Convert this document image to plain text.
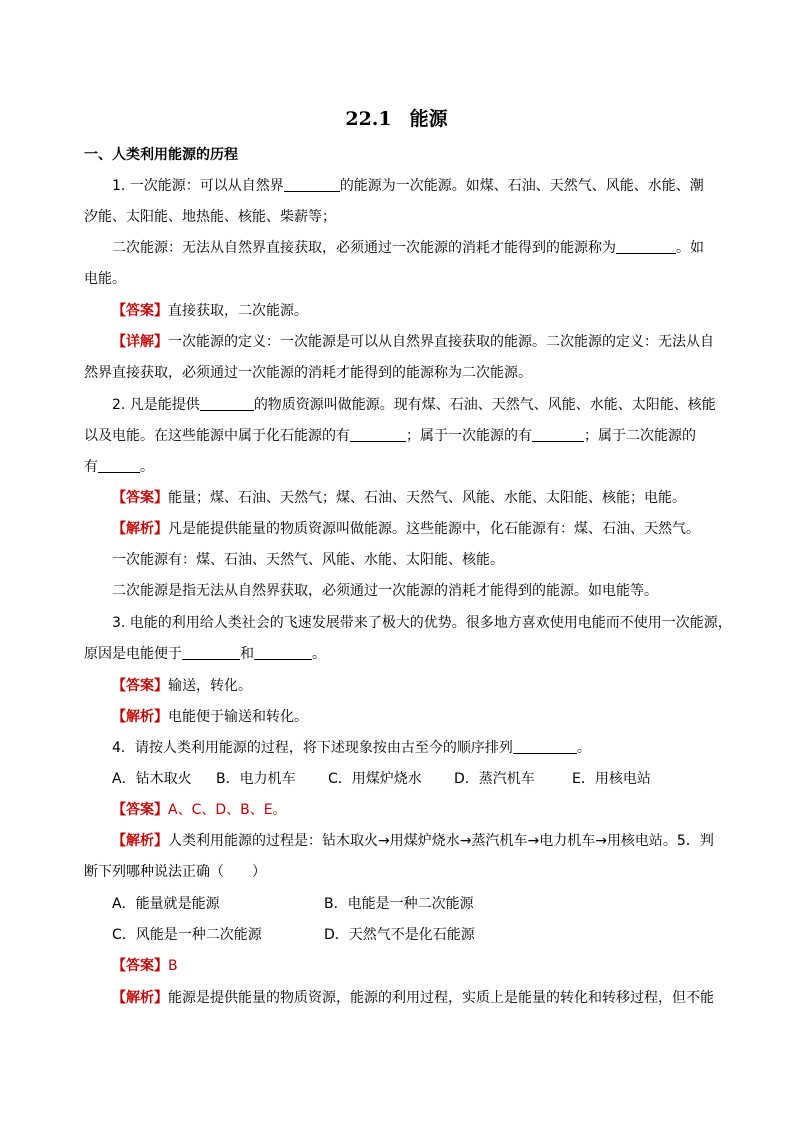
22.1 能源
一、人类利用能源的历程
1. 一次能源：可以从自然界	的能源为一次能源。如煤、石油、天然气、风能、水能、潮
汐能、太阳能、地热能、核能、柴薪等；
二次能源：无法从自然界直接获取，必须通过一次能源的消耗才能得到的能源称为	。如
电能。
【答案】直接获取，二次能源。
【详解】一次能源的定义：一次能源是可以从自然界直接获取的能源。二次能源的定义：无法从自
然界直接获取，必须通过一次能源的消耗才能得到的能源称为二次能源。
2. 凡是能提供	的物质资源叫做能源。现有煤、石油、天然气、风能、水能、太阳能、核能
以及电能。在这些能源中属于化石能源的有	；属于一次能源的有	；属于二次能源的
有	。
【答案】能量；煤、石油、天然气；煤、石油、天然气、风能、水能、太阳能、核能；电能。
【解析】凡是能提供能量的物质资源叫做能源。这些能源中，化石能源有：煤、石油、天然气。
一次能源有：煤、石油、天然气、风能、水能、太阳能、核能。
二次能源是指无法从自然界获取，必须通过一次能源的消耗才能得到的能源。如电能等。
3. 电能的利用给人类社会的飞速发展带来了极大的优势。很多地方喜欢使用电能而不使用一次能源，
原因是电能便于	和	。
【答案】输送，转化。
【解析】电能便于输送和转化。
4．请按人类利用能源的过程，将下述现象按由古至今的顺序排列	。
A．钻木取火 B．电力机车 C．用煤炉烧水 D．蒸汽机车	E．用核电站
【答案】A、C、D、B、E。
【解析】人类利用能源的过程是：钻木取火→用煤炉烧水→蒸汽机车→电力机车→用核电站。5．判
断下列哪种说法正确（　　）
A．能量就是能源	B．电能是一种二次能源
C．风能是一种二次能源	D．天然气不是化石能源
【答案】B
【解析】能源是提供能量的物质资源，能源的利用过程，实质上是能量的转化和转移过程，但不能
